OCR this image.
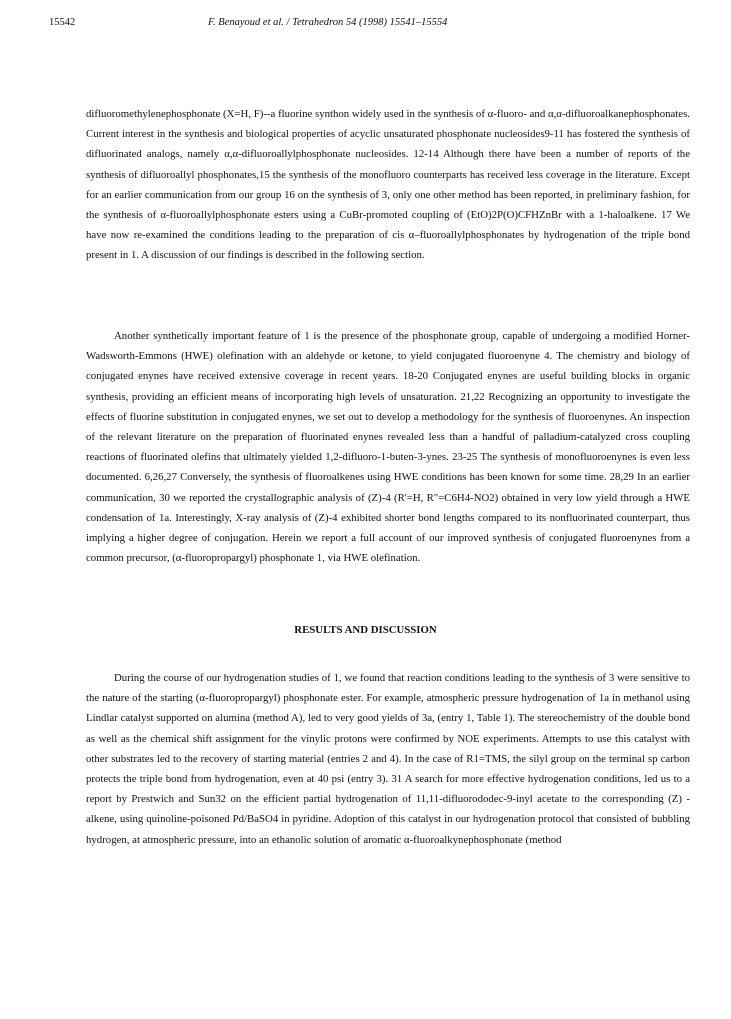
15542	F. Benayoud et al. / Tetrahedron 54 (1998) 15541–15554

difluoromethylenephosphonate (X=H, F)--a fluorine synthon widely used in the synthesis of α-fluoro- and α,α-difluoroalkanephosphonates. Current interest in the synthesis and biological properties of acyclic unsaturated phosphonate nucleosides9-11 has fostered the synthesis of difluorinated analogs, namely α,α-difluoroallylphosphonate nucleosides. 12-14 Although there have been a number of reports of the synthesis of difluoroallyl phosphonates,15 the synthesis of the monofluoro counterparts has received less coverage in the literature. Except for an earlier communication from our group 16 on the synthesis of 3, only one other method has been reported, in preliminary fashion, for the synthesis of α-fluoroallylphosphonate esters using a CuBr-promoted coupling of (EtO)2P(O)CFHZnBr with a 1-haloalkene. 17 We have now re-examined the conditions leading to the preparation of cis α–fluoroallylphosphonates by hydrogenation of the triple bond present in 1. A discussion of our findings is described in the following section.

Another synthetically important feature of 1 is the presence of the phosphonate group, capable of undergoing a modified Horner-Wadsworth-Emmons (HWE) olefination with an aldehyde or ketone, to yield conjugated fluoroenyne 4. The chemistry and biology of conjugated enynes have received extensive coverage in recent years. 18-20 Conjugated enynes are useful building blocks in organic synthesis, providing an efficient means of incorporating high levels of unsaturation. 21,22 Recognizing an opportunity to investigate the effects of fluorine substitution in conjugated enynes, we set out to develop a methodology for the synthesis of fluoroenynes. An inspection of the relevant literature on the preparation of fluorinated enynes revealed less than a handful of palladium-catalyzed cross coupling reactions of fluorinated olefins that ultimately yielded 1,2-difluoro-1-buten-3-ynes. 23-25 The synthesis of monofluoroenynes is even less documented. 6,26,27 Conversely, the synthesis of fluoroalkenes using HWE conditions has been known for some time. 28,29 In an earlier communication, 30 we reported the crystallographic analysis of (Z)-4 (R'=H, R"=C6H4-NO2) obtained in very low yield through a HWE condensation of 1a. Interestingly, X-ray analysis of (Z)-4 exhibited shorter bond lengths compared to its nonfluorinated counterpart, thus implying a higher degree of conjugation. Herein we report a full account of our improved synthesis of conjugated fluoroenynes from a common precursor, (α-fluoropropargyl) phosphonate 1, via HWE olefination.

RESULTS AND DISCUSSION

During the course of our hydrogenation studies of 1, we found that reaction conditions leading to the synthesis of 3 were sensitive to the nature of the starting (α-fluoropropargyl) phosphonate ester. For example, atmospheric pressure hydrogenation of 1a in methanol using Lindlar catalyst supported on alumina (method A), led to very good yields of 3a, (entry 1, Table 1). The stereochemistry of the double bond as well as the chemical shift assignment for the vinylic protons were confirmed by NOE experiments. Attempts to use this catalyst with other substrates led to the recovery of starting material (entries 2 and 4). In the case of R1=TMS, the silyl group on the terminal sp carbon protects the triple bond from hydrogenation, even at 40 psi (entry 3). 31 A search for more effective hydrogenation conditions, led us to a report by Prestwich and Sun32 on the efficient partial hydrogenation of 11,11-difluorododec-9-inyl acetate to the corresponding (Z) -alkene, using quinoline-poisoned Pd/BaSO4 in pyridine. Adoption of this catalyst in our hydrogenation protocol that consisted of bubbling hydrogen, at atmospheric pressure, into an ethanolic solution of aromatic α-fluoroalkynephosphonate (method
